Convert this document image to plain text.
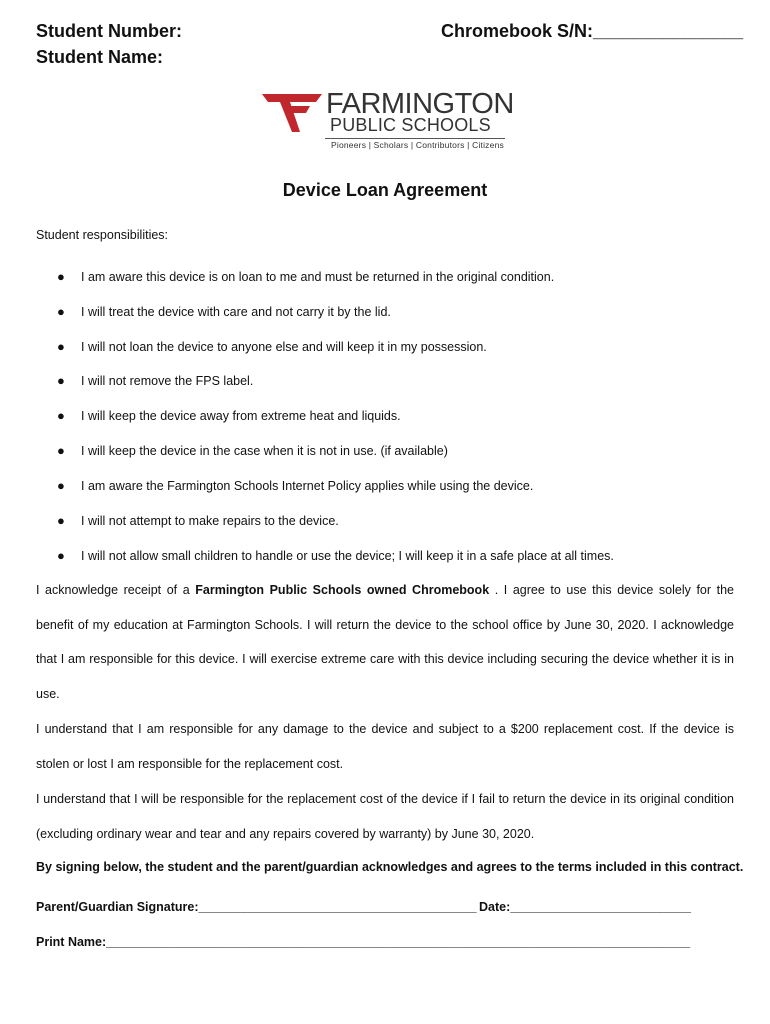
Student Number:
Student Name:
Chromebook S/N:_______________
FARMINGTON
PUBLIC SCHOOLS
Pioneers | Scholars | Contributors | Citizens
Device Loan Agreement
Student responsibilities:
● I am aware this device is on loan to me and must be returned in the original condition.
● I will treat the device with care and not carry it by the lid.
● I will not loan the device to anyone else and will keep it in my possession.
● I will not remove the FPS label.
● I will keep the device away from extreme heat and liquids.
● I will keep the device in the case when it is not in use. (if available)
● I am aware the Farmington Schools Internet Policy applies while using the device.
● I will not attempt to make repairs to the device.
● I will not allow small children to handle or use the device; I will keep it in a safe place at all times.
I acknowledge receipt of a Farmington Public Schools owned Chromebook . I agree to use this device solely for the benefit of my education at Farmington Schools. I will return the device to the school office by June 30, 2020. I acknowledge that I am responsible for this device. I will exercise extreme care with this device including securing the device whether it is in use.
I understand that I am responsible for any damage to the device and subject to a $200 replacement cost. If the device is stolen or lost I am responsible for the replacement cost.
I understand that I will be responsible for the replacement cost of the device if I fail to return the device in its original condition (excluding ordinary wear and tear and any repairs covered by warranty) by June 30, 2020.
By signing below, the student and the parent/guardian acknowledges and agrees to the terms included in this contract.
Parent/Guardian Signature:________________________________________ Date:__________________________
Print Name:____________________________________________________________________________________
